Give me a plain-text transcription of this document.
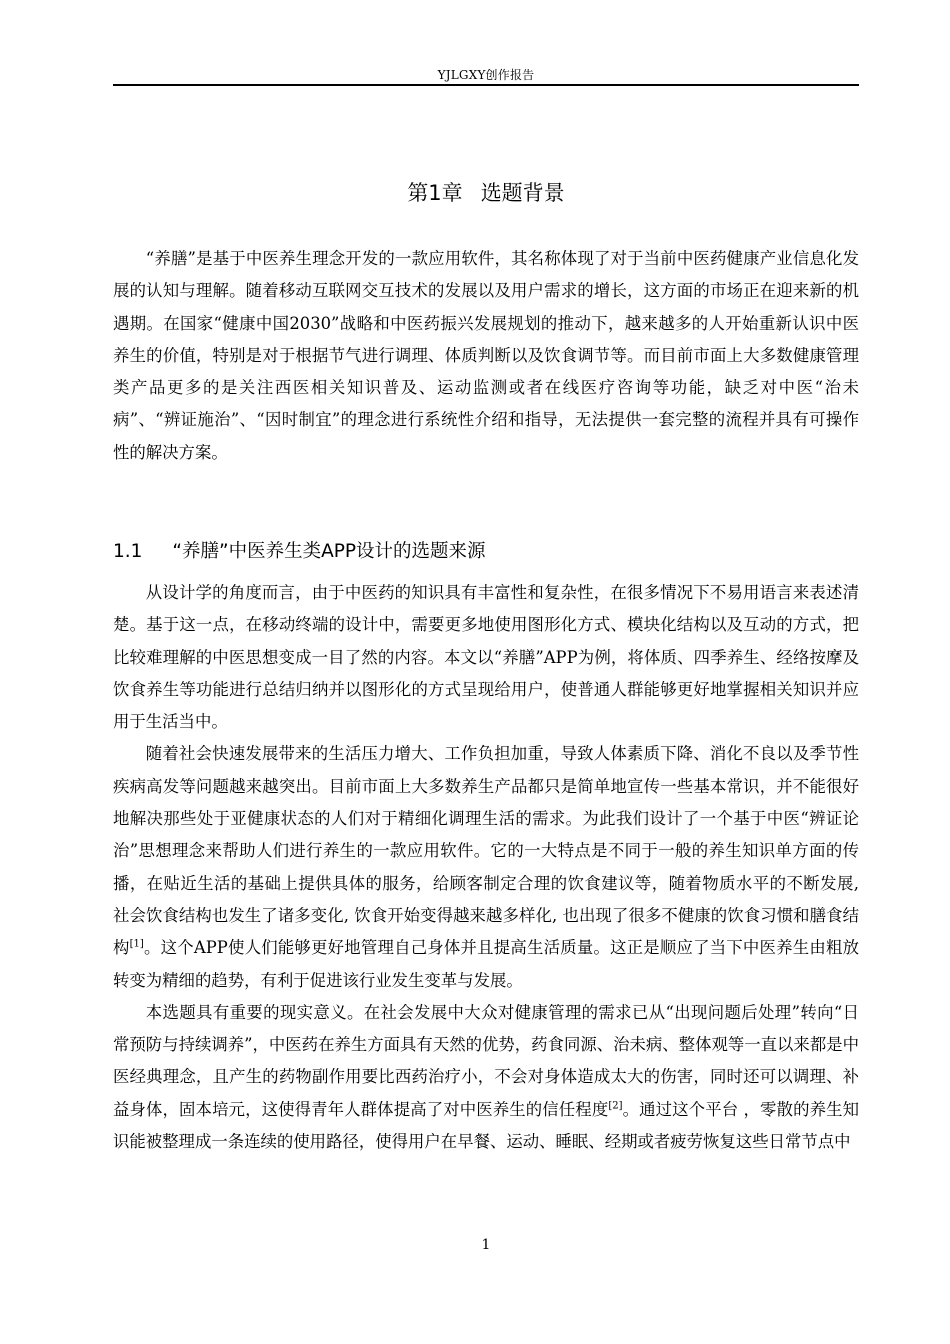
YJLGXY创作报告
第1章 选题背景

“养膳”是基于中医养生理念开发的一款应用软件，其名称体现了对于当前中医药健康产业信息化发展的认知与理解。随着移动互联网交互技术的发展以及用户需求的增长，这方面的市场正在迎来新的机遇期。在国家“健康中国2030”战略和中医药振兴发展规划的推动下，越来越多的人开始重新认识中医养生的价值，特别是对于根据节气进行调理、体质判断以及饮食调节等。而目前市面上大多数健康管理类产品更多的是关注西医相关知识普及、运动监测或者在线医疗咨询等功能，缺乏对中医“治未病”、“辨证施治”、“因时制宜”的理念进行系统性介绍和指导，无法提供一套完整的流程并具有可操作性的解决方案。

1.1 “养膳”中医养生类APP设计的选题来源

从设计学的角度而言，由于中医药的知识具有丰富性和复杂性，在很多情况下不易用语言来表述清楚。基于这一点，在移动终端的设计中，需要更多地使用图形化方式、模块化结构以及互动的方式，把比较难理解的中医思想变成一目了然的内容。本文以“养膳”APP为例，将体质、四季养生、经络按摩及饮食养生等功能进行总结归纳并以图形化的方式呈现给用户，使普通人群能够更好地掌握相关知识并应用于生活当中。

随着社会快速发展带来的生活压力增大、工作负担加重，导致人体素质下降、消化不良以及季节性疾病高发等问题越来越突出。目前市面上大多数养生产品都只是简单地宣传一些基本常识，并不能很好地解决那些处于亚健康状态的人们对于精细化调理生活的需求。为此我们设计了一个基于中医“辨证论治”思想理念来帮助人们进行养生的一款应用软件。它的一大特点是不同于一般的养生知识单方面的传播，在贴近生活的基础上提供具体的服务，给顾客制定合理的饮食建议等，随着物质水平的不断发展, 社会饮食结构也发生了诸多变化, 饮食开始变得越来越多样化, 也出现了很多不健康的饮食习惯和膳食结构[1]。这个APP使人们能够更好地管理自己身体并且提高生活质量。这正是顺应了当下中医养生由粗放转变为精细的趋势，有利于促进该行业发生变革与发展。

本选题具有重要的现实意义。在社会发展中大众对健康管理的需求已从“出现问题后处理”转向“日常预防与持续调养”，中医药在养生方面具有天然的优势，药食同源、治未病、整体观等一直以来都是中医经典理念，且产生的药物副作用要比西药治疗小，不会对身体造成太大的伤害，同时还可以调理、补益身体，固本培元，这使得青年人群体提高了对中医养生的信任程度[2]。通过这个平台 ，零散的养生知识能被整理成一条连续的使用路径，使得用户在早餐、运动、睡眠、经期或者疲劳恢复这些日常节点中

1
